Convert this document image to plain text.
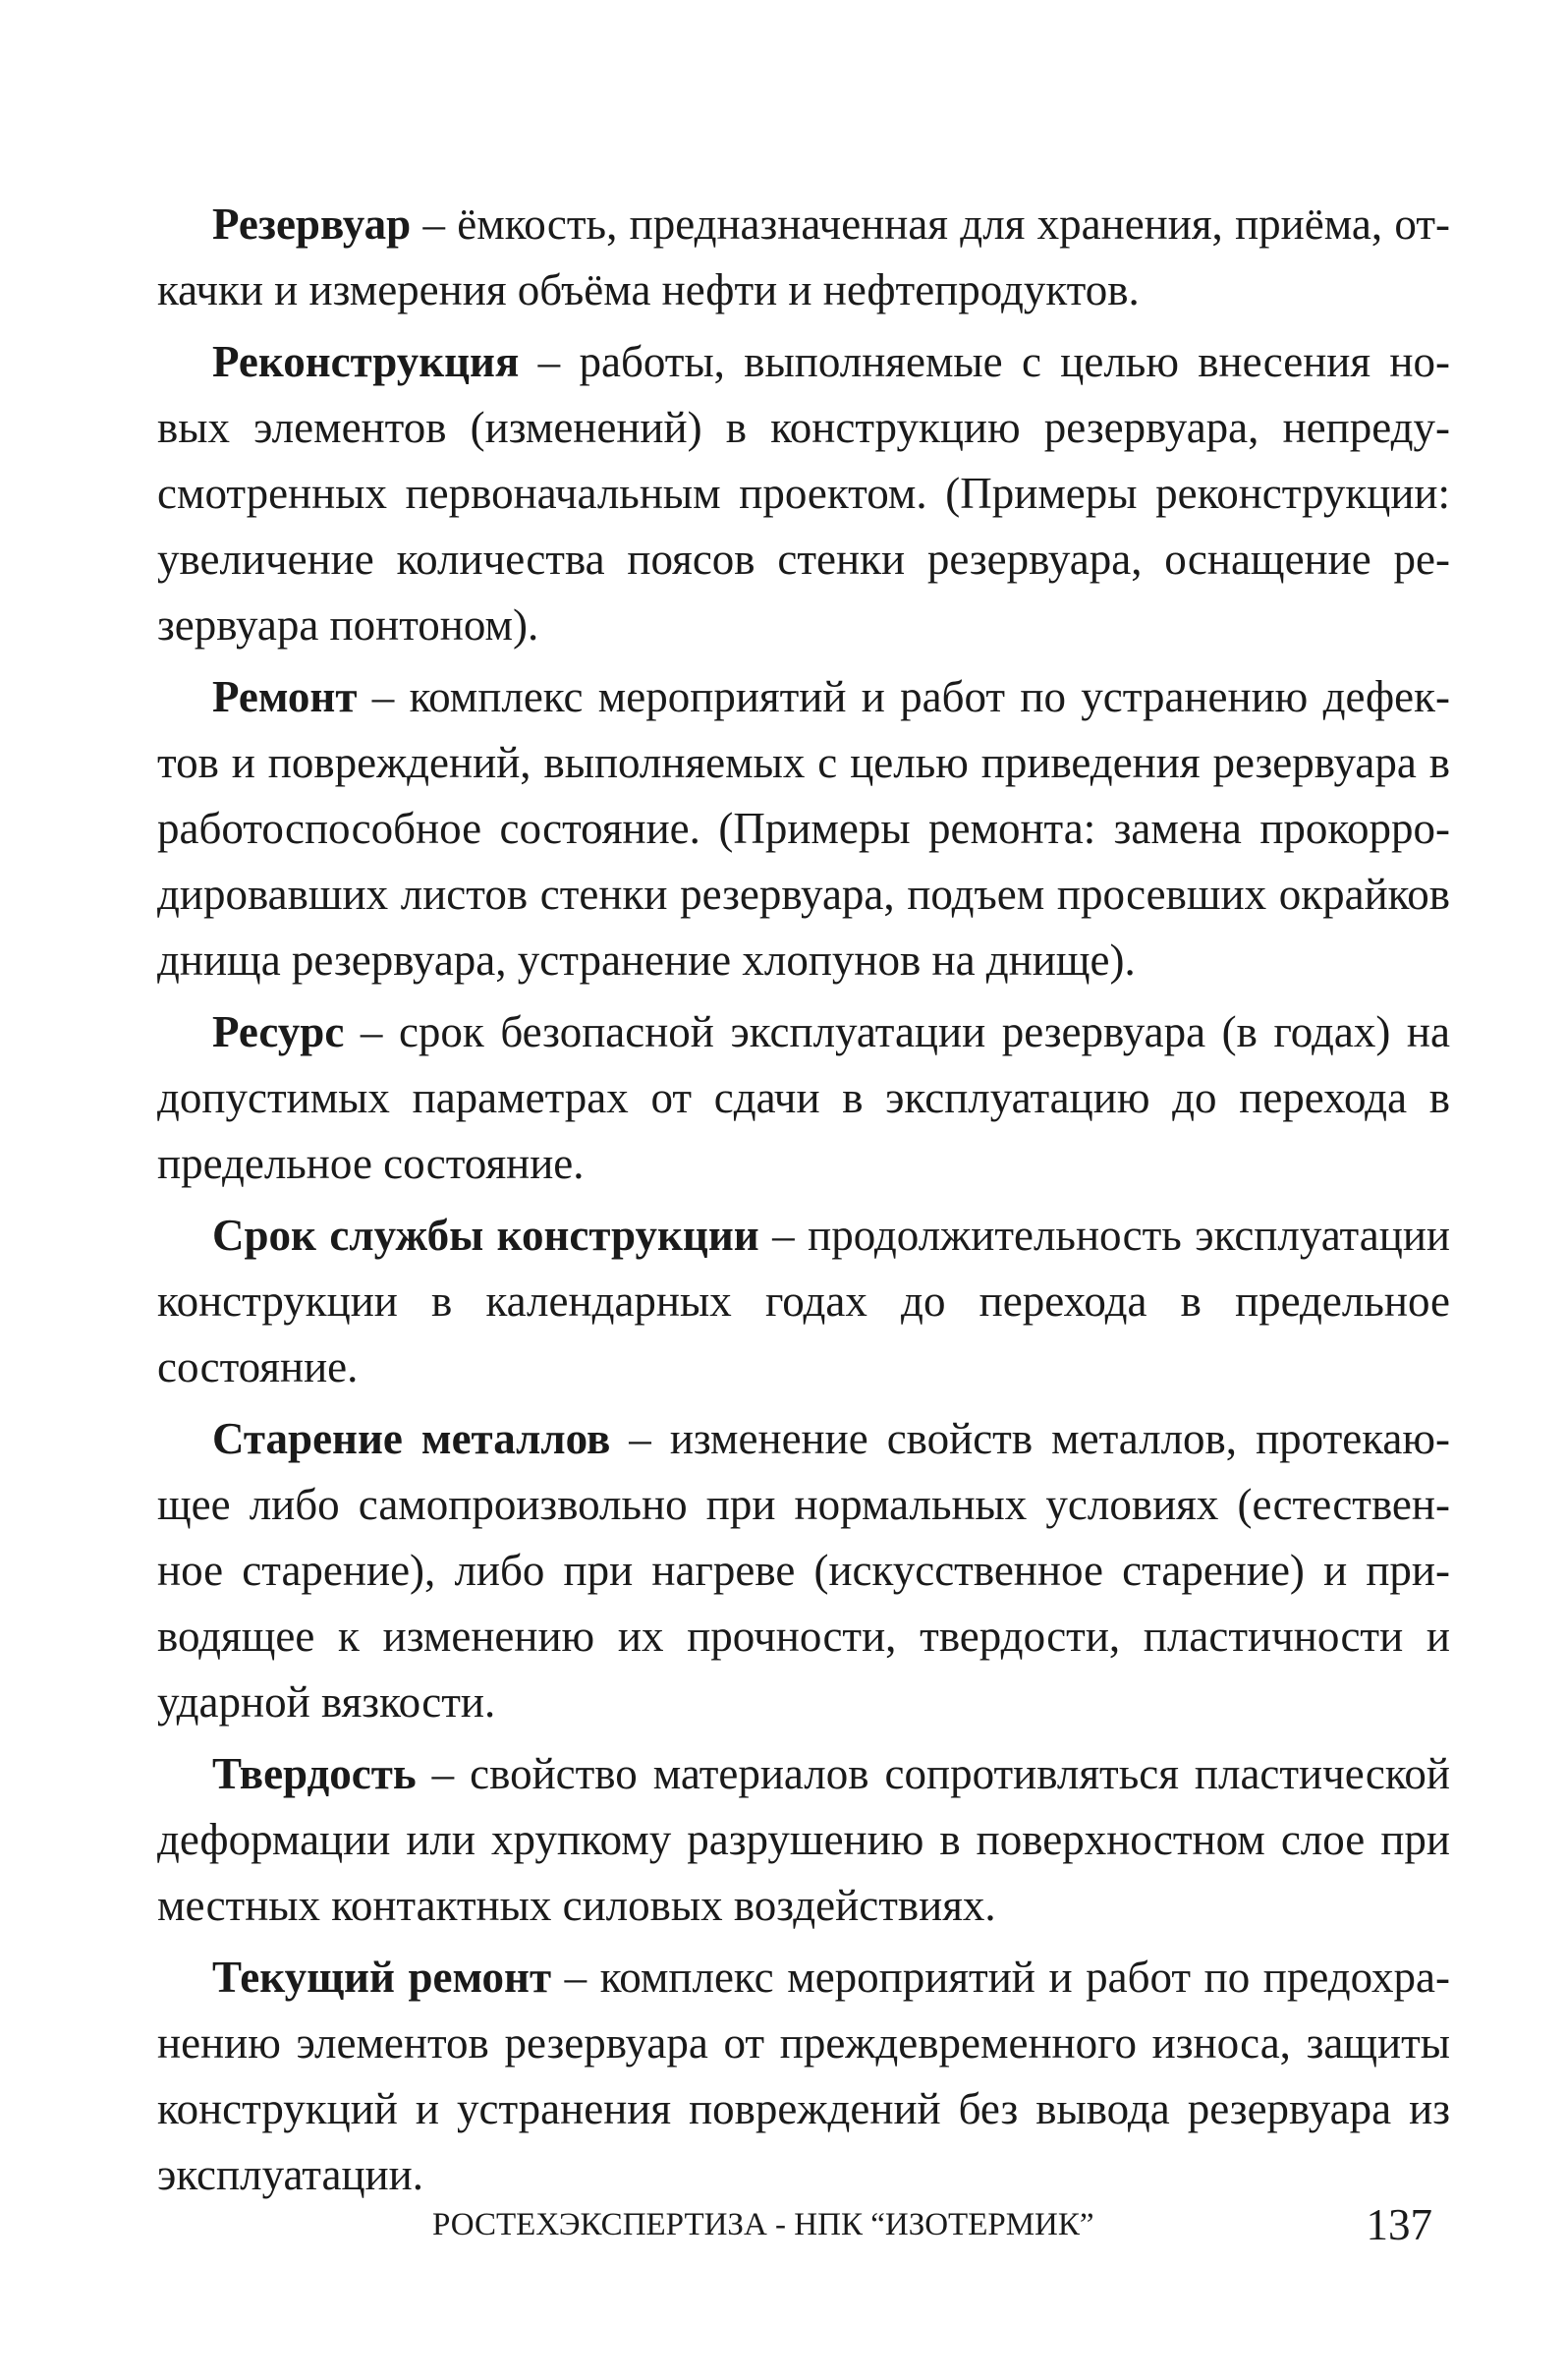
Резервуар – ёмкость, предназначенная для хранения, приёма, откачки и измерения объёма нефти и нефтепродуктов.

Реконструкция – работы, выполняемые с целью внесения новых элементов (изменений) в конструкцию резервуара, непредусмотренных первоначальным проектом. (Примеры реконструкции: увеличение количества поясов стенки резервуара, оснащение резервуара понтоном).

Ремонт – комплекс мероприятий и работ по устранению дефектов и повреждений, выполняемых с целью приведения резервуара в работоспособное состояние. (Примеры ремонта: замена прокорродировавших листов стенки резервуара, подъем просевших окрайков днища резервуара, устранение хлопунов на днище).

Ресурс – срок безопасной эксплуатации резервуара (в годах) на допустимых параметрах от сдачи в эксплуатацию до перехода в предельное состояние.

Срок службы конструкции – продолжительность эксплуатации конструкции в календарных годах до перехода в предельное состояние.

Старение металлов – изменение свойств металлов, протекающее либо самопроизвольно при нормальных условиях (естественное старение), либо при нагреве (искусственное старение) и приводящее к изменению их прочности, твердости, пластичности и ударной вязкости.

Твердость – свойство материалов сопротивляться пластической деформации или хрупкому разрушению в поверхностном слое при местных контактных силовых воздействиях.

Текущий ремонт – комплекс мероприятий и работ по предохранению элементов резервуара от преждевременного износа, защиты конструкций и устранения повреждений без вывода резервуара из эксплуатации.

РОСТЕХЭКСПЕРТИЗА - НПК “ИЗОТЕРМИК”	137
